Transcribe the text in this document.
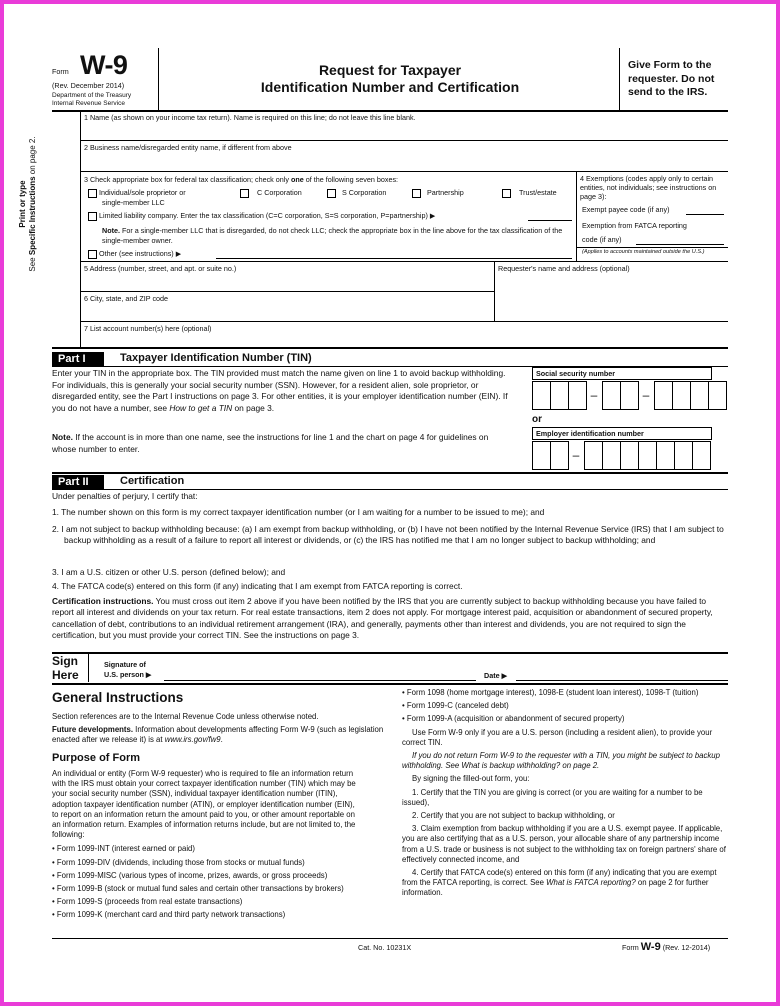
Form W-9
(Rev. December 2014)
Department of the Treasury
Internal Revenue Service
Request for Taxpayer
Identification Number and Certification
Give Form to the requester. Do not send to the IRS.
Print or type
See Specific Instructions on page 2.
1 Name (as shown on your income tax return). Name is required on this line; do not leave this line blank.
2 Business name/disregarded entity name, if different from above
3 Check appropriate box for federal tax classification; check only one of the following seven boxes:
Individual/sole proprietor or
single-member LLC
C Corporation	S Corporation	Partnership	Trust/estate
Limited liability company. Enter the tax classification (C=C corporation, S=S corporation, P=partnership) ▶
Note. For a single-member LLC that is disregarded, do not check LLC; check the appropriate box in the line above for the tax classification of the single-member owner.
Other (see instructions) ▶
4 Exemptions (codes apply only to certain entities, not individuals; see instructions on page 3):
Exempt payee code (if any)
Exemption from FATCA reporting
code (if any)
(Applies to accounts maintained outside the U.S.)
5 Address (number, street, and apt. or suite no.)	Requester's name and address (optional)
6 City, state, and ZIP code
7 List account number(s) here (optional)
Part I	Taxpayer Identification Number (TIN)
Enter your TIN in the appropriate box. The TIN provided must match the name given on line 1 to avoid backup withholding. For individuals, this is generally your social security number (SSN). However, for a resident alien, sole proprietor, or disregarded entity, see the Part I instructions on page 3. For other entities, it is your employer identification number (EIN). If you do not have a number, see How to get a TIN on page 3.
Note. If the account is in more than one name, see the instructions for line 1 and the chart on page 4 for guidelines on whose number to enter.
Social security number
–	–
or
Employer identification number
–
Part II	Certification
Under penalties of perjury, I certify that:
1. The number shown on this form is my correct taxpayer identification number (or I am waiting for a number to be issued to me); and
2. I am not subject to backup withholding because: (a) I am exempt from backup withholding, or (b) I have not been notified by the Internal Revenue Service (IRS) that I am subject to backup withholding as a result of a failure to report all interest or dividends, or (c) the IRS has notified me that I am no longer subject to backup withholding; and
3. I am a U.S. citizen or other U.S. person (defined below); and
4. The FATCA code(s) entered on this form (if any) indicating that I am exempt from FATCA reporting is correct.
Certification instructions. You must cross out item 2 above if you have been notified by the IRS that you are currently subject to backup withholding because you have failed to report all interest and dividends on your tax return. For real estate transactions, item 2 does not apply. For mortgage interest paid, acquisition or abandonment of secured property, cancellation of debt, contributions to an individual retirement arrangement (IRA), and generally, payments other than interest and dividends, you are not required to sign the certification, but you must provide your correct TIN. See the instructions on page 3.
Sign
Here
Signature of
U.S. person ▶	Date ▶
General Instructions

Section references are to the Internal Revenue Code unless otherwise noted.

Future developments. Information about developments affecting Form W-9 (such as legislation enacted after we release it) is at www.irs.gov/fw9.

Purpose of Form

An individual or entity (Form W-9 requester) who is required to file an information return with the IRS must obtain your correct taxpayer identification number (TIN) which may be your social security number (SSN), individual taxpayer identification number (ITIN), adoption taxpayer identification number (ATIN), or employer identification number (EIN), to report on an information return the amount paid to you, or other amount reportable on an information return. Examples of information returns include, but are not limited to, the following:

• Form 1099-INT (interest earned or paid)

• Form 1099-DIV (dividends, including those from stocks or mutual funds)

• Form 1099-MISC (various types of income, prizes, awards, or gross proceeds)

• Form 1099-B (stock or mutual fund sales and certain other transactions by brokers)

• Form 1099-S (proceeds from real estate transactions)

• Form 1099-K (merchant card and third party network transactions)

• Form 1098 (home mortgage interest), 1098-E (student loan interest), 1098-T (tuition)

• Form 1099-C (canceled debt)

• Form 1099-A (acquisition or abandonment of secured property)

Use Form W-9 only if you are a U.S. person (including a resident alien), to provide your correct TIN.

If you do not return Form W-9 to the requester with a TIN, you might be subject to backup withholding. See What is backup withholding? on page 2.

By signing the filled-out form, you:

1. Certify that the TIN you are giving is correct (or you are waiting for a number to be issued),

2. Certify that you are not subject to backup withholding, or

3. Claim exemption from backup withholding if you are a U.S. exempt payee. If applicable, you are also certifying that as a U.S. person, your allocable share of any partnership income from a U.S. trade or business is not subject to the withholding tax on foreign partners' share of effectively connected income, and

4. Certify that FATCA code(s) entered on this form (if any) indicating that you are exempt from the FATCA reporting, is correct. See What is FATCA reporting? on page 2 for further information.

Cat. No. 10231X	Form W-9 (Rev. 12-2014)
